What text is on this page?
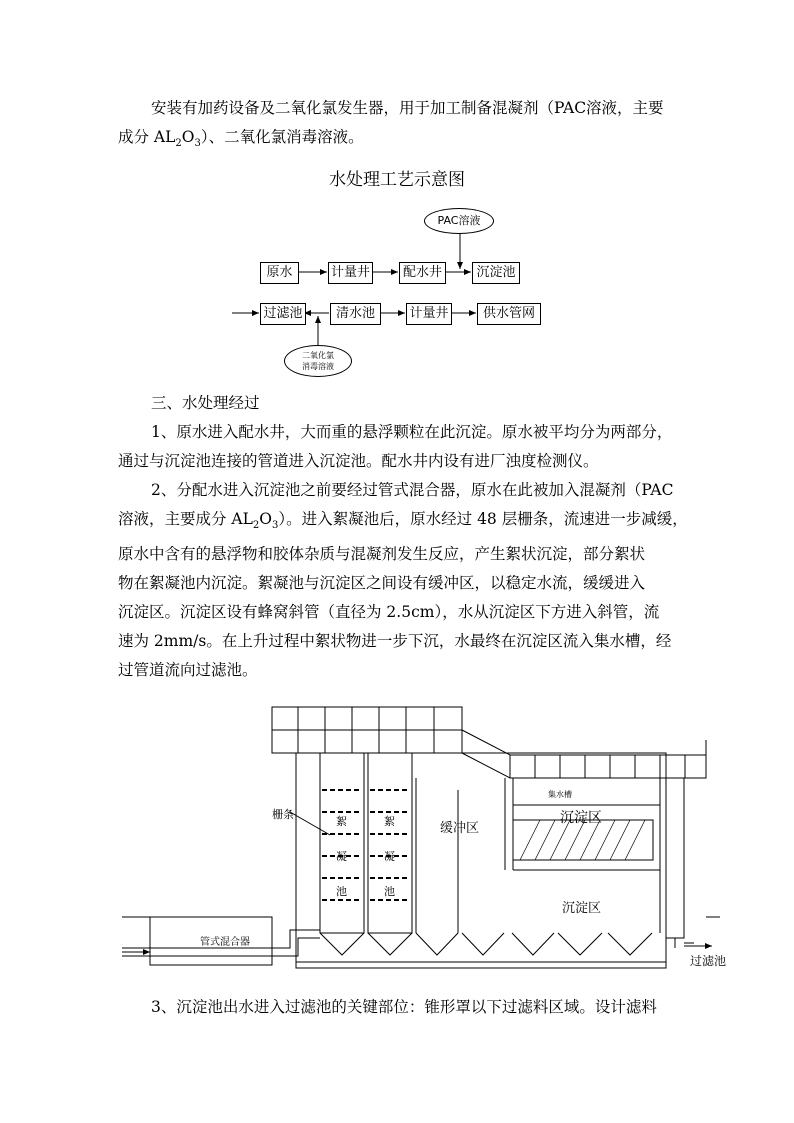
安装有加药设备及二氧化氯发生器，用于加工制备混凝剂（PAC溶液，主要
成分 $AL_2O_3$）、二氧化氯消毒溶液。
水处理工艺示意图
原水	计量井	配水井	沉淀池
过滤池	清水池	计量井	供水管网
PAC溶液
二氧化氯
消毒溶液
三、水处理经过
1、原水进入配水井，大而重的悬浮颗粒在此沉淀。原水被平均分为两部分，
通过与沉淀池连接的管道进入沉淀池。配水井内设有进厂浊度检测仪。
2、分配水进入沉淀池之前要经过管式混合器，原水在此被加入混凝剂（PAC
溶液，主要成分 $AL_2O_3$）。进入絮凝池后，原水经过 48 层栅条，流速进一步减缓，
原水中含有的悬浮物和胶体杂质与混凝剂发生反应，产生絮状沉淀，部分絮状
物在絮凝池内沉淀。絮凝池与沉淀区之间设有缓冲区，以稳定水流，缓缓进入
沉淀区。沉淀区设有蜂窝斜管（直径为 2.5cm），水从沉淀区下方进入斜管，流
速为 2mm/s。在上升过程中絮状物进一步下沉，水最终在沉淀区流入集水槽，经
过管道流向过滤池。
栅条
缓冲区
沉淀区
沉淀区
管式混合器
过滤池
絮
凝
池
絮
凝
池
集水槽
3、沉淀池出水进入过滤池的关键部位：锥形罩以下过滤料区域。设计滤料
